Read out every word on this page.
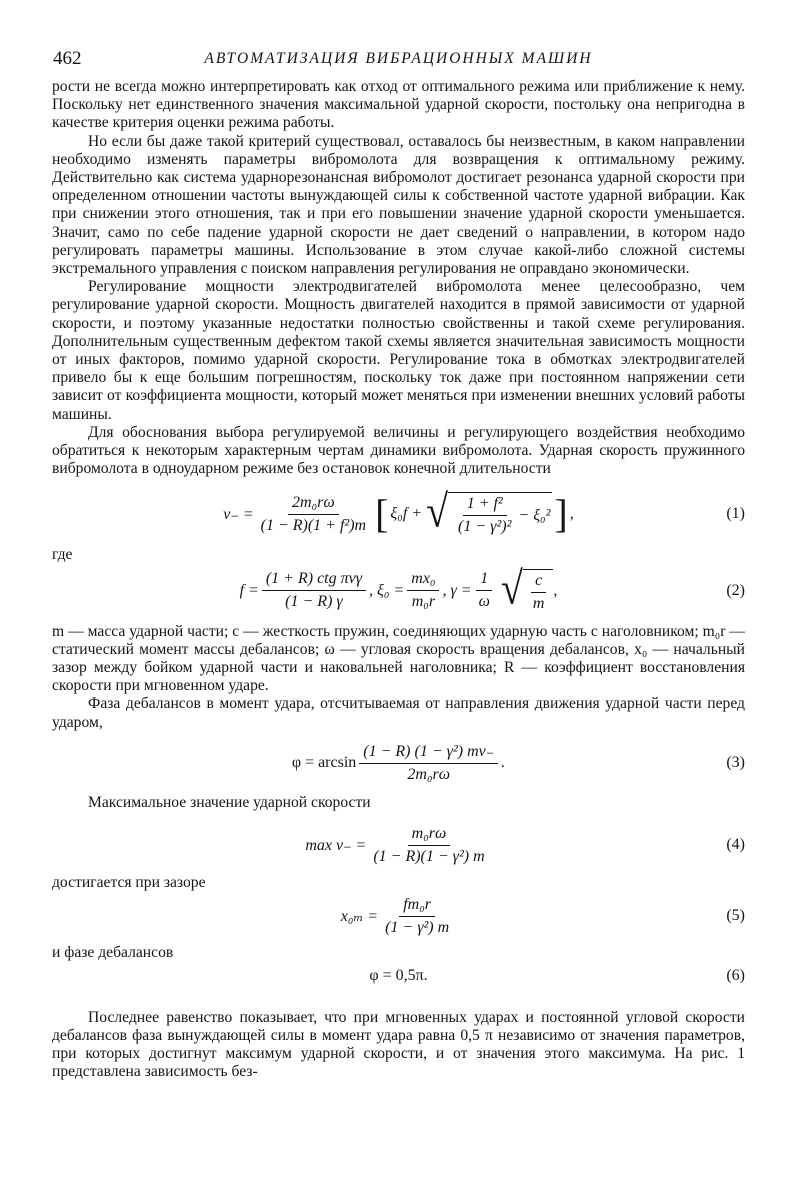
462	АВТОМАТИЗАЦИЯ ВИБРАЦИОННЫХ МАШИН

рости не всегда можно интерпретировать как отход от оптимального режима или приближение к нему. Поскольку нет единственного значения максимальной ударной скорости, постольку она непригодна в качестве критерия оценки режима работы.

Но если бы даже такой критерий существовал, оставалось бы неизвестным, в каком направлении необходимо изменять параметры вибромолота для возвращения к оптимальному режиму. Действительно как система ударнорезонансная вибромолот достигает резонанса ударной скорости при определенном отношении частоты вынуждающей силы к собственной частоте ударной вибрации. Как при снижении этого отношения, так и при его повышении значение ударной скорости уменьшается. Значит, само по себе падение ударной скорости не дает сведений о направлении, в котором надо регулировать параметры машины. Использование в этом случае какой-либо сложной системы экстремального управления с поиском направления регулирования не оправдано экономически.

Регулирование мощности электродвигателей вибромолота менее целесообразно, чем регулирование ударной скорости. Мощность двигателей находится в прямой зависимости от ударной скорости, и поэтому указанные недостатки полностью свойственны и такой схеме регулирования. Дополнительным существенным дефектом такой схемы является значительная зависимость мощности от иных факторов, помимо ударной скорости. Регулирование тока в обмотках электродвигателей привело бы к еще большим погрешностям, поскольку ток даже при постоянном напряжении сети зависит от коэффициента мощности, который может меняться при изменении внешних условий работы машины.

Для обоснования выбора регулируемой величины и регулирующего воздействия необходимо обратиться к некоторым характерным чертам динамики вибромолота. Ударная скорость пружинного вибромолота в одноударном режиме без остановок конечной длительности

$v_- = \frac{\text{2m₀rω}}{\text{(1 − R)(1 + f²)m}}$ [ ξ₀f + √ $\frac{\text{1 + f²}}{\text{(1 − γ²)²}} - \xi_0^2$ ] ,	(1)

где

$f = \frac{\text{(1 + R) ctg πνγ}}{(1 - R) \gamma}$ , $\xi_0 = \frac{\text{mx₀}}{\text{m₀r}}$ , $\gamma = \frac{1}{\omega}$ √ $\frac{c}{m}$ ,	(2)

m — масса ударной части; c — жесткость пружин, соединяющих ударную часть с наголовником; m₀r — статический момент массы дебалансов; ω — угловая скорость вращения дебалансов, x₀ — начальный зазор между бойком ударной части и наковальней наголовника; R — коэффициент восстановления скорости при мгновенном ударе.

Фаза дебалансов в момент удара, отсчитываемая от направления движения ударной части перед ударом,

$\varphi = \arcsin \frac{\text{(1 − R) (1 − γ²) mv₋}}{\text{2m₀rω}}$ .	(3)

Максимальное значение ударной скорости

$\max v_- = \frac{\text{m₀rω}}{\text{(1 − R)(1 − γ²) m}}$	(4)

достигается при зазоре

$x_{0m} = \frac{\text{fm₀r}}{\text{(1 − γ²) m}}$	(5)

и фазе дебалансов

φ = 0,5π.	(6)

Последнее равенство показывает, что при мгновенных ударах и постоянной угловой скорости дебалансов фаза вынуждающей силы в момент удара равна 0,5 π независимо от значения параметров, при которых достигнут максимум ударной скорости, и от значения этого максимума. На рис. 1 представлена зависимость без-
